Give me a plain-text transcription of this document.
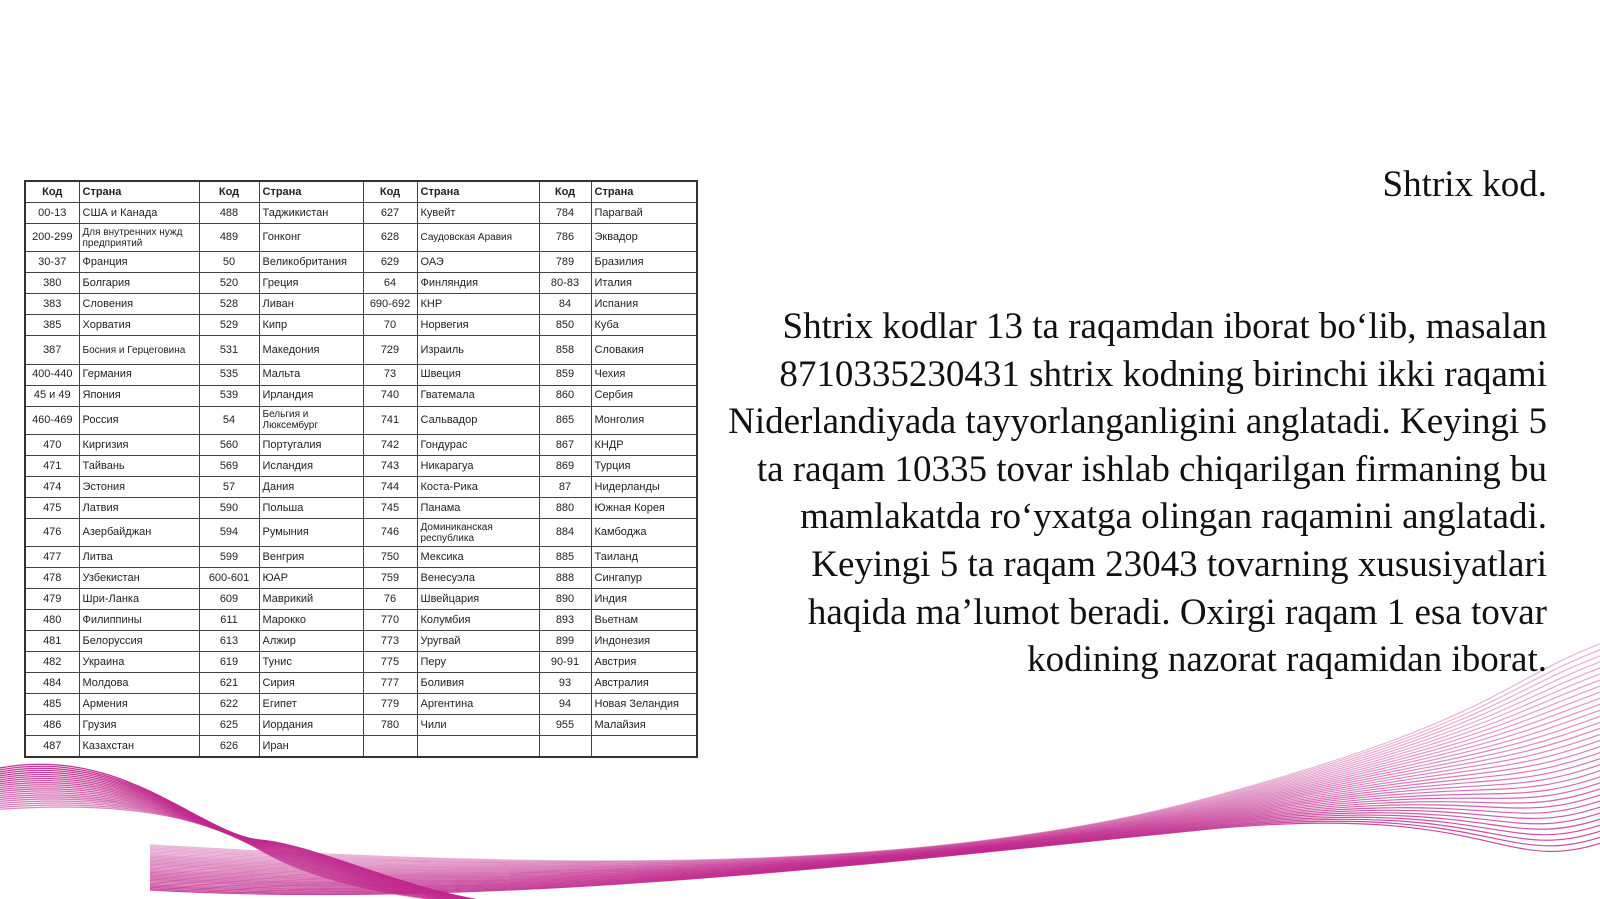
Код	Страна	Код	Страна	Код	Страна	Код	Страна
00-13	США и Канада	488	Таджикистан	627	Кувейт	784	Парагвай
200-299	Для внутренних нужд предприятий	489	Гонконг	628	Саудовская Аравия	786	Эквадор
30-37	Франция	50	Великобритания	629	ОАЭ	789	Бразилия
380	Болгария	520	Греция	64	Финляндия	80-83	Италия
383	Словения	528	Ливан	690-692	КНР	84	Испания
385	Хорватия	529	Кипр	70	Норвегия	850	Куба
387	Босния и Герцеговина	531	Македония	729	Израиль	858	Словакия
400-440	Германия	535	Мальта	73	Швеция	859	Чехия
45 и 49	Япония	539	Ирландия	740	Гватемала	860	Сербия
460-469	Россия	54	Бельгия и Люксембург	741	Сальвадор	865	Монголия
470	Киргизия	560	Португалия	742	Гондурас	867	КНДР
471	Тайвань	569	Исландия	743	Никарагуа	869	Турция
474	Эстония	57	Дания	744	Коста-Рика	87	Нидерланды
475	Латвия	590	Польша	745	Панама	880	Южная Корея
476	Азербайджан	594	Румыния	746	Доминиканская республика	884	Камбоджа
477	Литва	599	Венгрия	750	Мексика	885	Таиланд
478	Узбекистан	600-601	ЮАР	759	Венесуэла	888	Сингапур
479	Шри-Ланка	609	Маврикий	76	Швейцария	890	Индия
480	Филиппины	611	Марокко	770	Колумбия	893	Вьетнам
481	Белоруссия	613	Алжир	773	Уругвай	899	Индонезия
482	Украина	619	Тунис	775	Перу	90-91	Австрия
484	Молдова	621	Сирия	777	Боливия	93	Австралия
485	Армения	622	Египет	779	Аргентина	94	Новая Зеландия
486	Грузия	625	Иордания	780	Чили	955	Малайзия
487	Казахстан	626	Иран				
Shtrix kod.

Shtrix kodlar 13 ta raqamdan iborat bo‘lib, masalan 8710335230431 shtrix kodning birinchi ikki raqami Niderlandiyada tayyorlanganligini anglatadi. Keyingi 5 ta raqam 10335 tovar ishlab chiqarilgan firmaning bu mamlakatda ro‘yxatga olingan raqamini anglatadi. Keyingi 5 ta raqam 23043 tovarning xususiyatlari haqida ma’lumot beradi. Oxirgi raqam 1 esa tovar kodining nazorat raqamidan iborat.
